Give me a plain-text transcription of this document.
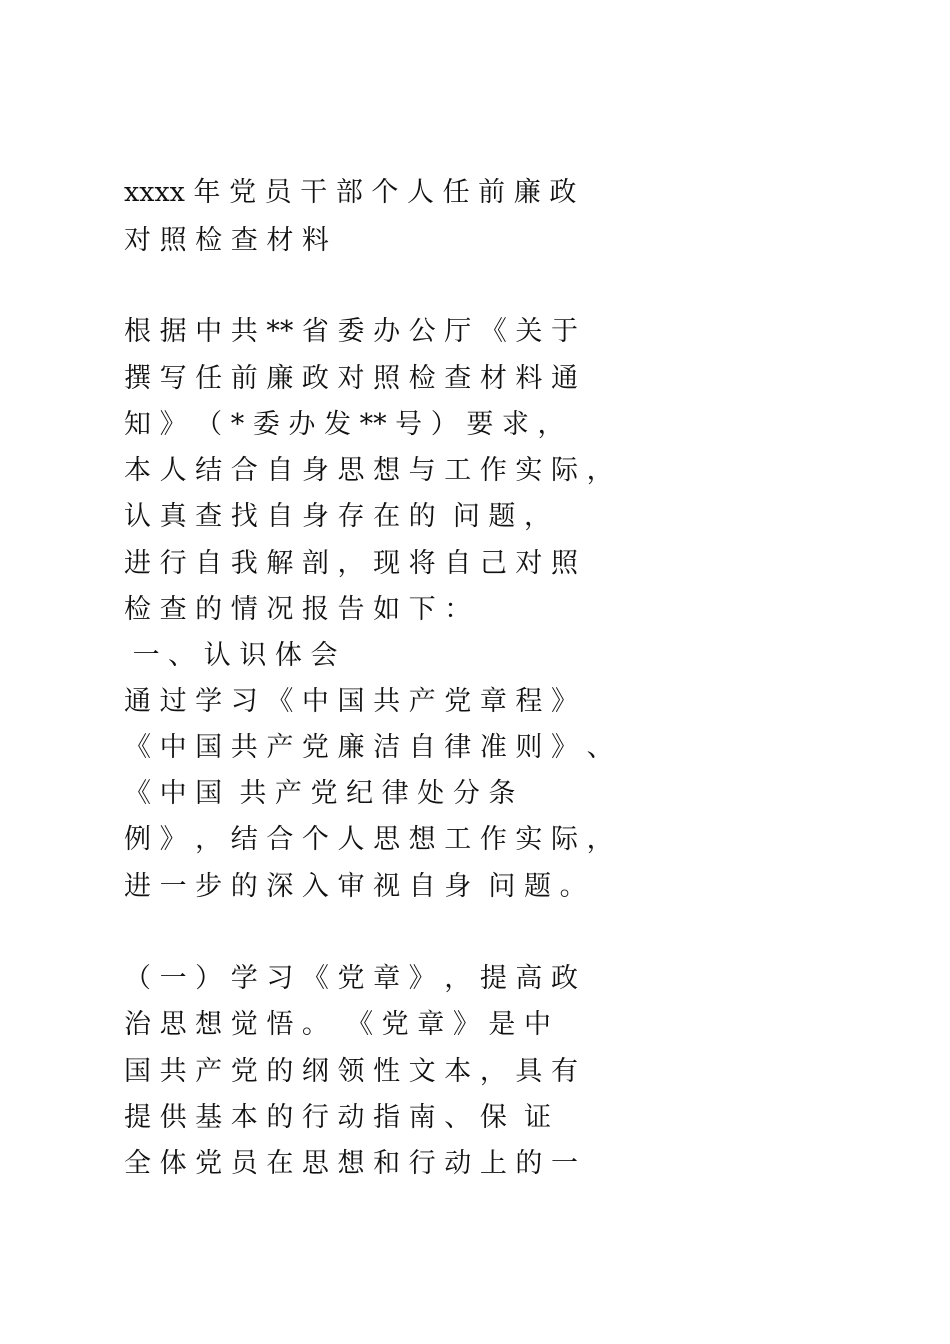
xxxx 年 党 员 干 部 个 人 任 前 廉 政
对 照 检 查 材 料
根 据 中 共 ** 省 委 办 公 厅 《 关 于
撰 写 任 前 廉 政 对 照 检 查 材 料 通
知 》 （ * 委 办 发 ** 号 ） 要 求 ，
本 人 结 合 自 身 思 想 与 工 作 实 际 ，
认 真 查 找 自 身 存 在 的  问 题 ，
进 行 自 我 解 剖 ， 现 将 自 己 对 照
检 查 的 情 况 报 告 如 下 ：
一 、 认 识 体 会
通 过 学 习 《 中 国 共 产 党 章 程 》
《 中 国 共 产 党 廉 洁 自 律 准 则 》 、
《 中 国  共 产 党 纪 律 处 分 条
例 》 ， 结 合 个 人 思 想 工 作 实 际 ，
进 一 步 的 深 入 审 视 自 身  问 题 。
（ 一 ） 学 习 《 党 章 》 ， 提 高 政
治 思 想 觉 悟 。  《 党 章 》 是 中
国 共 产 党 的 纲 领 性 文 本 ， 具 有
提 供 基 本 的 行 动 指 南 、 保  证
全 体 党 员 在 思 想 和 行 动 上 的 一
